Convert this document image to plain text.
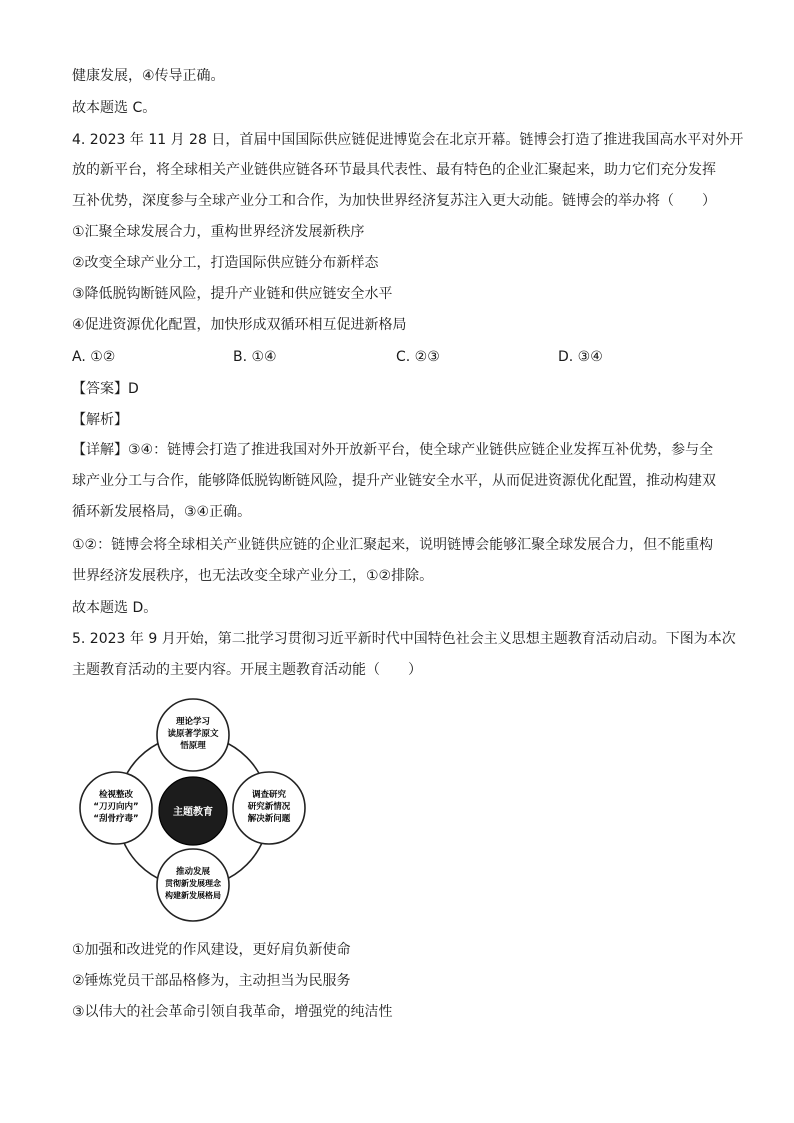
健康发展，④传导正确。
故本题选 C。
4. 2023 年 11 月 28 日，首届中国国际供应链促进博览会在北京开幕。链博会打造了推进我国高水平对外开
放的新平台，将全球相关产业链供应链各环节最具代表性、最有特色的企业汇聚起来，助力它们充分发挥
互补优势，深度参与全球产业分工和合作，为加快世界经济复苏注入更大动能。链博会的举办将（　　）
①汇聚全球发展合力，重构世界经济发展新秩序
②改变全球产业分工，打造国际供应链分布新样态
③降低脱钩断链风险，提升产业链和供应链安全水平
④促进资源优化配置，加快形成双循环相互促进新格局
A. ①②	B. ①④	C. ②③	D. ③④
【答案】D
【解析】
【详解】③④：链博会打造了推进我国对外开放新平台，使全球产业链供应链企业发挥互补优势，参与全
球产业分工与合作，能够降低脱钩断链风险，提升产业链安全水平，从而促进资源优化配置，推动构建双
循环新发展格局，③④正确。
①②：链博会将全球相关产业链供应链的企业汇聚起来，说明链博会能够汇聚全球发展合力，但不能重构
世界经济发展秩序，也无法改变全球产业分工，①②排除。
故本题选 D。
5. 2023 年 9 月开始，第二批学习贯彻习近平新时代中国特色社会主义思想主题教育活动启动。下图为本次
主题教育活动的主要内容。开展主题教育活动能（　　）
主题教育
理论学习
读原著学原文
悟原理
调查研究
研究新情况
解决新问题
推动发展
贯彻新发展理念
构建新发展格局
检视整改
“刀刃向内”
“刮骨疗毒”
①加强和改进党的作风建设，更好肩负新使命
②锤炼党员干部品格修为，主动担当为民服务
③以伟大的社会革命引领自我革命，增强党的纯洁性
